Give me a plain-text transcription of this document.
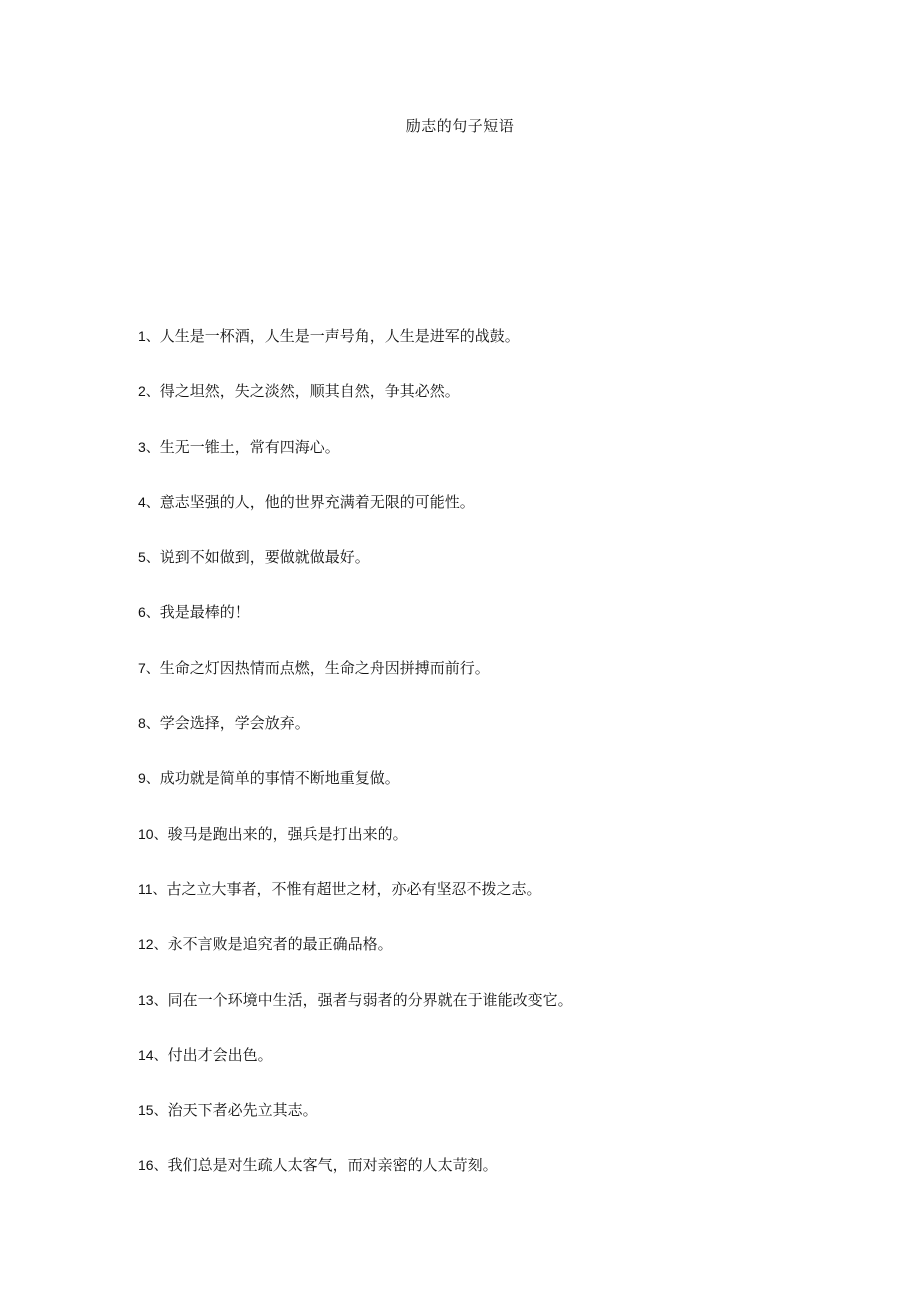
励志的句子短语
1、人生是一杯酒，人生是一声号角，人生是进军的战鼓。
2、得之坦然，失之淡然，顺其自然，争其必然。
3、生无一锥土，常有四海心。
4、意志坚强的人，他的世界充满着无限的可能性。
5、说到不如做到，要做就做最好。
6、我是最棒的！
7、生命之灯因热情而点燃，生命之舟因拼搏而前行。
8、学会选择，学会放弃。
9、成功就是简单的事情不断地重复做。
10、骏马是跑出来的，强兵是打出来的。
11、古之立大事者，不惟有超世之材，亦必有坚忍不拨之志。
12、永不言败是追究者的最正确品格。
13、同在一个环境中生活，强者与弱者的分界就在于谁能改变它。
14、付出才会出色。
15、治天下者必先立其志。
16、我们总是对生疏人太客气，而对亲密的人太苛刻。
